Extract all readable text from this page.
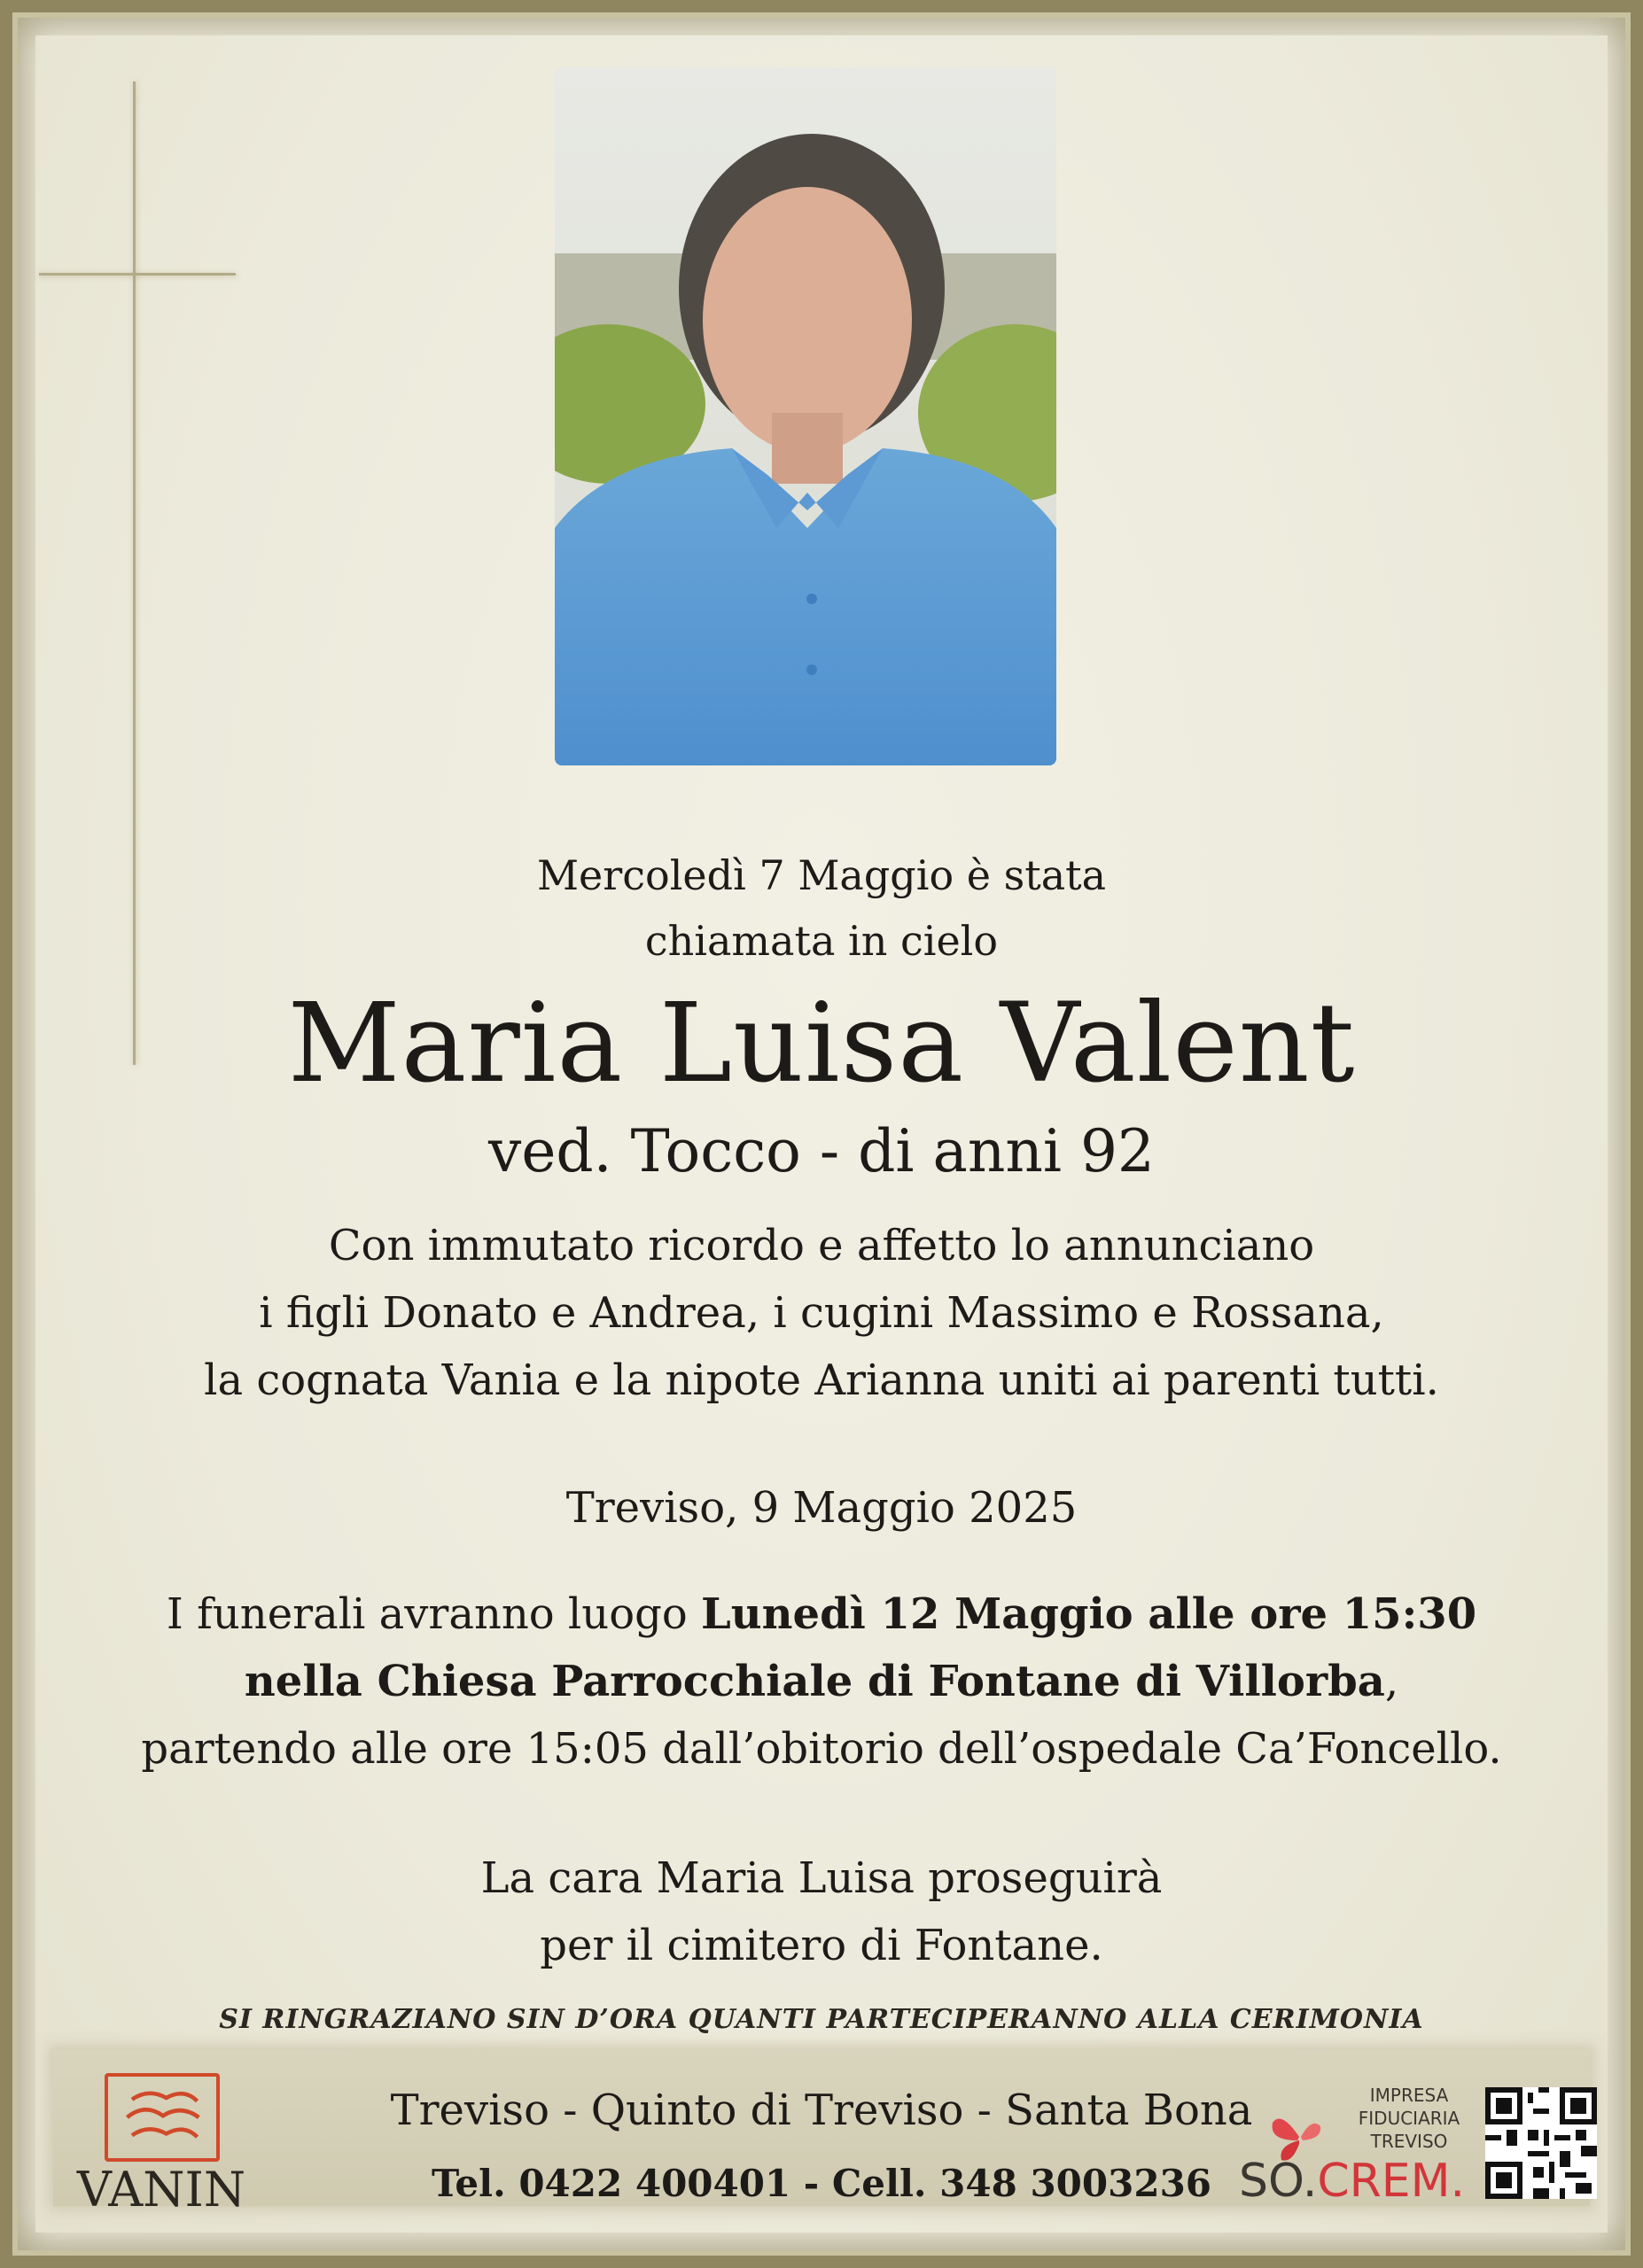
Mercoledì 7 Maggio è stata
chiamata in cielo
Maria Luisa Valent
ved. Tocco - di anni 92
Con immutato ricordo e affetto lo annunciano
i figli Donato e Andrea, i cugini Massimo e Rossana,
la cognata Vania e la nipote Arianna uniti ai parenti tutti.
Treviso, 9 Maggio 2025
I funerali avranno luogo Lunedì 12 Maggio alle ore 15:30
nella Chiesa Parrocchiale di Fontane di Villorba,
partendo alle ore 15:05 dall’obitorio dell’ospedale Ca’Foncello.
La cara Maria Luisa proseguirà
per il cimitero di Fontane.
SI RINGRAZIANO SIN D’ORA QUANTI PARTECIPERANNO ALLA CERIMONIA
VANIN
Treviso - Quinto di Treviso - Santa Bona
Tel. 0422 400401 - Cell. 348 3003236
IMPRESA
FIDUCIARIA
TREVISO
SO.CREM.
